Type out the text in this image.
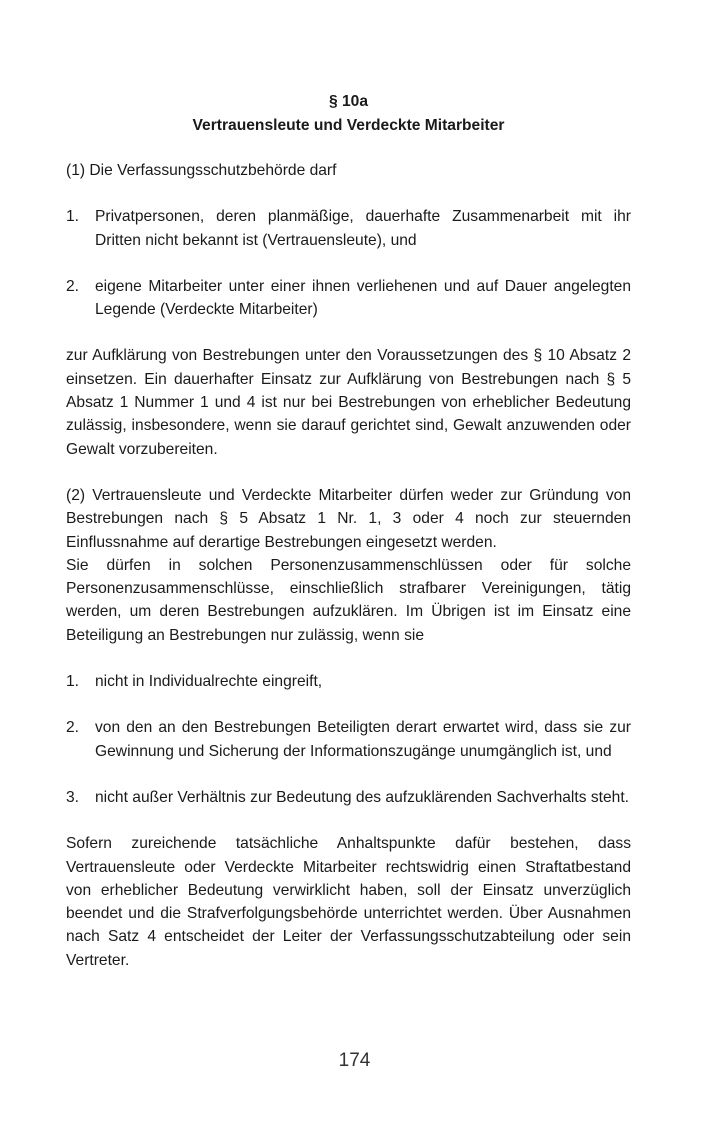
§ 10a
Vertrauensleute und Verdeckte Mitarbeiter

(1) Die Verfassungsschutzbehörde darf

1. Privatpersonen, deren planmäßige, dauerhafte Zusammenarbeit mit ihr Dritten nicht bekannt ist (Vertrauensleute), und
2. eigene Mitarbeiter unter einer ihnen verliehenen und auf Dauer angelegten Legende (Verdeckte Mitarbeiter)

zur Aufklärung von Bestrebungen unter den Voraussetzungen des § 10 Absatz 2 einsetzen. Ein dauerhafter Einsatz zur Aufklärung von Bestrebungen nach § 5 Absatz 1 Nummer 1 und 4 ist nur bei Bestrebungen von erheblicher Bedeutung zulässig, insbesondere, wenn sie darauf gerichtet sind, Gewalt anzuwenden oder Gewalt vorzubereiten.

(2) Vertrauensleute und Verdeckte Mitarbeiter dürfen weder zur Gründung von Bestrebungen nach § 5 Absatz 1 Nr. 1, 3 oder 4 noch zur steuernden Einflussnahme auf derartige Bestrebungen eingesetzt werden.

Sie dürfen in solchen Personenzusammenschlüssen oder für solche Personenzusammenschlüsse, einschließlich strafbarer Vereinigungen, tätig werden, um deren Bestrebungen aufzuklären. Im Übrigen ist im Einsatz eine Beteiligung an Bestrebungen nur zulässig, wenn sie

1. nicht in Individualrechte eingreift,
2. von den an den Bestrebungen Beteiligten derart erwartet wird, dass sie zur Gewinnung und Sicherung der Informationszugänge unumgänglich ist, und
3. nicht außer Verhältnis zur Bedeutung des aufzuklärenden Sachverhalts steht.

Sofern zureichende tatsächliche Anhaltspunkte dafür bestehen, dass Vertrauensleute oder Verdeckte Mitarbeiter rechtswidrig einen Straftatbestand von erheblicher Bedeutung verwirklicht haben, soll der Einsatz unverzüglich beendet und die Strafverfolgungsbehörde unterrichtet werden. Über Ausnahmen nach Satz 4 entscheidet der Leiter der Verfassungsschutzabteilung oder sein Vertreter.

174
